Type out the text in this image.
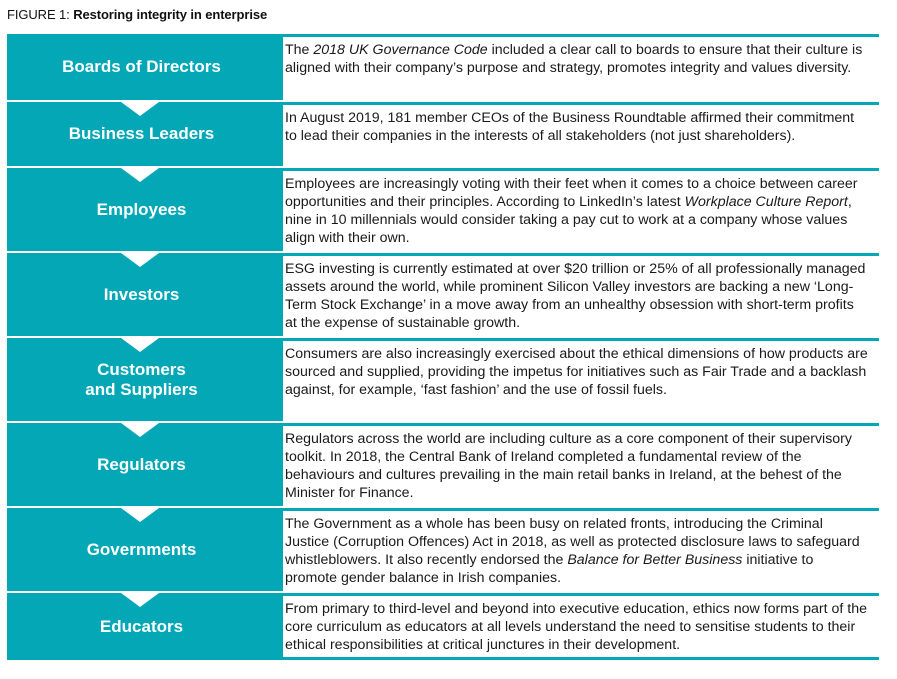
FIGURE 1: Restoring integrity in enterprise
Boards of Directors
The 2018 UK Governance Code included a clear call to boards to ensure that their culture is aligned with their company’s purpose and strategy, promotes integrity and values diversity.
Business Leaders
In August 2019, 181 member CEOs of the Business Roundtable affirmed their commitment to lead their companies in the interests of all stakeholders (not just shareholders).
Employees
Employees are increasingly voting with their feet when it comes to a choice between career opportunities and their principles. According to LinkedIn’s latest Workplace Culture Report, nine in 10 millennials would consider taking a pay cut to work at a company whose values align with their own.
Investors
ESG investing is currently estimated at over $20 trillion or 25% of all professionally managed assets around the world, while prominent Silicon Valley investors are backing a new ‘Long-Term Stock Exchange’ in a move away from an unhealthy obsession with short-term profits at the expense of sustainable growth.
Customers
and Suppliers
Consumers are also increasingly exercised about the ethical dimensions of how products are sourced and supplied, providing the impetus for initiatives such as Fair Trade and a backlash against, for example, ‘fast fashion’ and the use of fossil fuels.
Regulators
Regulators across the world are including culture as a core component of their supervisory toolkit. In 2018, the Central Bank of Ireland completed a fundamental review of the behaviours and cultures prevailing in the main retail banks in Ireland, at the behest of the Minister for Finance.
Governments
The Government as a whole has been busy on related fronts, introducing the Criminal Justice (Corruption Offences) Act in 2018, as well as protected disclosure laws to safeguard whistleblowers. It also recently endorsed the Balance for Better Business initiative to promote gender balance in Irish companies.
Educators
From primary to third-level and beyond into executive education, ethics now forms part of the core curriculum as educators at all levels understand the need to sensitise students to their ethical responsibilities at critical junctures in their development.
